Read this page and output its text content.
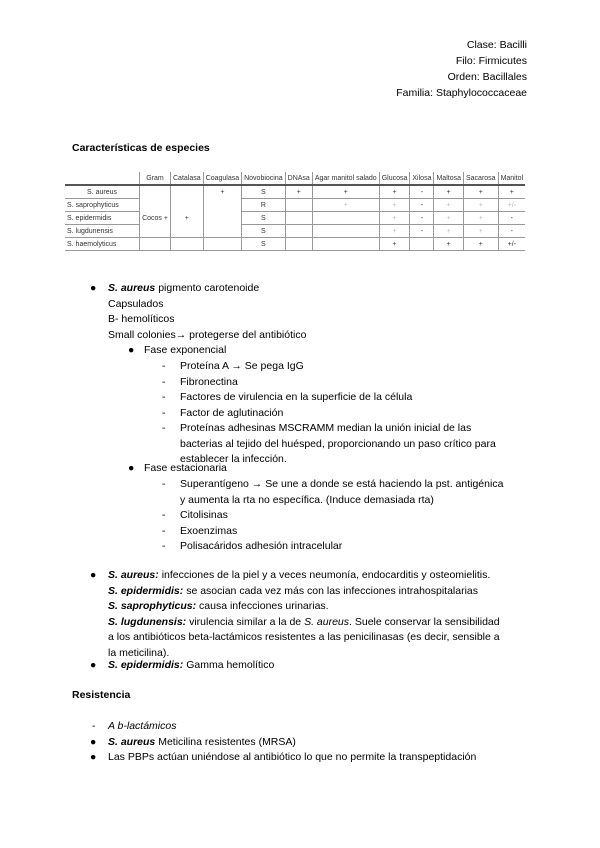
Clase: Bacilli
Filo: Firmicutes
Orden: Bacillales
Familia: Staphylococcaceae
Características de especies
	Gram	Catalasa	Coagulasa	Novobiocina	DNAsa	Agar manitol salado	Glucosa	Xilosa	Maltosa	Sacarosa	Manitol
S. aureus			+	S	+	+	+	-	+	+	+
S. saprophyticus				R		+	+	-	+	+	+/-
S. epidermidis	Cocos +	+		S			+	-	+	+	-
S. lugdunensis				S			+	-	+	+	-
S. haemolyticus				S			+		+	+	+/-
S. aureus pigmento carotenoide
Capsulados
B- hemolíticos
Small colonies→ protegerse del antibiótico
●
● Fase exponencial
-
-
-
-
-
Proteína A → Se pega IgG
Fibronectina
Factores de virulencia en la superficie de la célula
Factor de aglutinación
Proteínas adhesinas MSCRAMM median la unión inicial de las
bacterias al tejido del huésped, proporcionando un paso crítico para
establecer la infección.
● Fase estacionaria
-

-
-
-
Superantígeno → Se une a donde se está haciendo la pst. antigénica
y aumenta la rta no específica. (Induce demasiada rta)
Citolisinas
Exoenzimas
Polisacáridos adhesión intracelular
● S. aureus: infecciones de la piel y a veces neumonía, endocarditis y osteomielitis.
S. epidermidis: se asocian cada vez más con las infecciones intrahospitalarias
S. saprophyticus: causa infecciones urinarias.
S. lugdunensis: virulencia similar a la de S. aureus. Suele conservar la sensibilidad
a los antibióticos beta-lactámicos resistentes a las penicilinasas (es decir, sensible a
la meticilina).
● S. epidermidis: Gamma hemolítico
Resistencia
- A b-lactámicos
S. aureus Meticilina resistentes (MRSA)
Las PBPs actúan uniéndose al antibiótico lo que no permite la transpeptidación
●
●
